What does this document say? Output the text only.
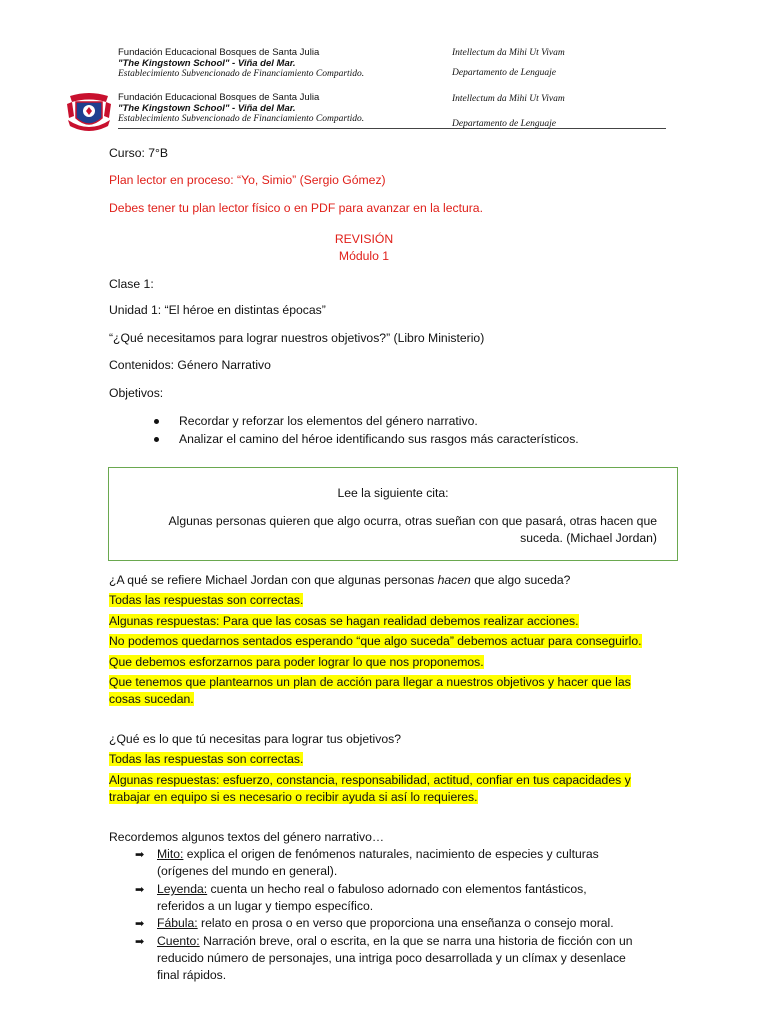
Fundación Educacional Bosques de Santa Julia
"The Kingstown School" - Viña del Mar.
Establecimiento Subvencionado de Financiamiento Compartido.
Intellectum da Mihi Ut Vivam
Departamento de Lenguaje
Fundación Educacional Bosques de Santa Julia
"The Kingstown School" - Viña del Mar.
Establecimiento Subvencionado de Financiamiento Compartido.
Intellectum da Mihi Ut Vivam
Departamento de Lenguaje
Curso: 7°B
Plan lector en proceso: “Yo, Simio” (Sergio Gómez)
Debes tener tu plan lector físico o en PDF para avanzar en la lectura.
REVISIÓN
Módulo 1
Clase 1:
Unidad 1: “El héroe en distintas épocas”
“¿Qué necesitamos para lograr nuestros objetivos?” (Libro Ministerio)
Contenidos: Género Narrativo
Objetivos:
Recordar y reforzar los elementos del género narrativo.
Analizar el camino del héroe identificando sus rasgos más característicos.
Lee la siguiente cita:
Algunas personas quieren que algo ocurra, otras sueñan con que pasará, otras hacen que
suceda. (Michael Jordan)
¿A qué se refiere Michael Jordan con que algunas personas hacen que algo suceda?
Todas las respuestas son correctas.
Algunas respuestas: Para que las cosas se hagan realidad debemos realizar acciones.
No podemos quedarnos sentados esperando “que algo suceda” debemos actuar para conseguirlo.
Que debemos esforzarnos para poder lograr lo que nos proponemos.
Que tenemos que plantearnos un plan de acción para llegar a nuestros objetivos y hacer que las
cosas sucedan.
¿Qué es lo que tú necesitas para lograr tus objetivos?
Todas las respuestas son correctas.
Algunas respuestas: esfuerzo, constancia, responsabilidad, actitud, confiar en tus capacidades y
trabajar en equipo si es necesario o recibir ayuda si así lo requieres.
Recordemos algunos textos del género narrativo…
➡ Mito: explica el origen de fenómenos naturales, nacimiento de especies y culturas
(orígenes del mundo en general).
➡ Leyenda: cuenta un hecho real o fabuloso adornado con elementos fantásticos,
referidos a un lugar y tiempo específico.
➡ Fábula: relato en prosa o en verso que proporciona una enseñanza o consejo moral.
➡ Cuento: Narración breve, oral o escrita, en la que se narra una historia de ficción con un
reducido número de personajes, una intriga poco desarrollada y un clímax y desenlace
final rápidos.
